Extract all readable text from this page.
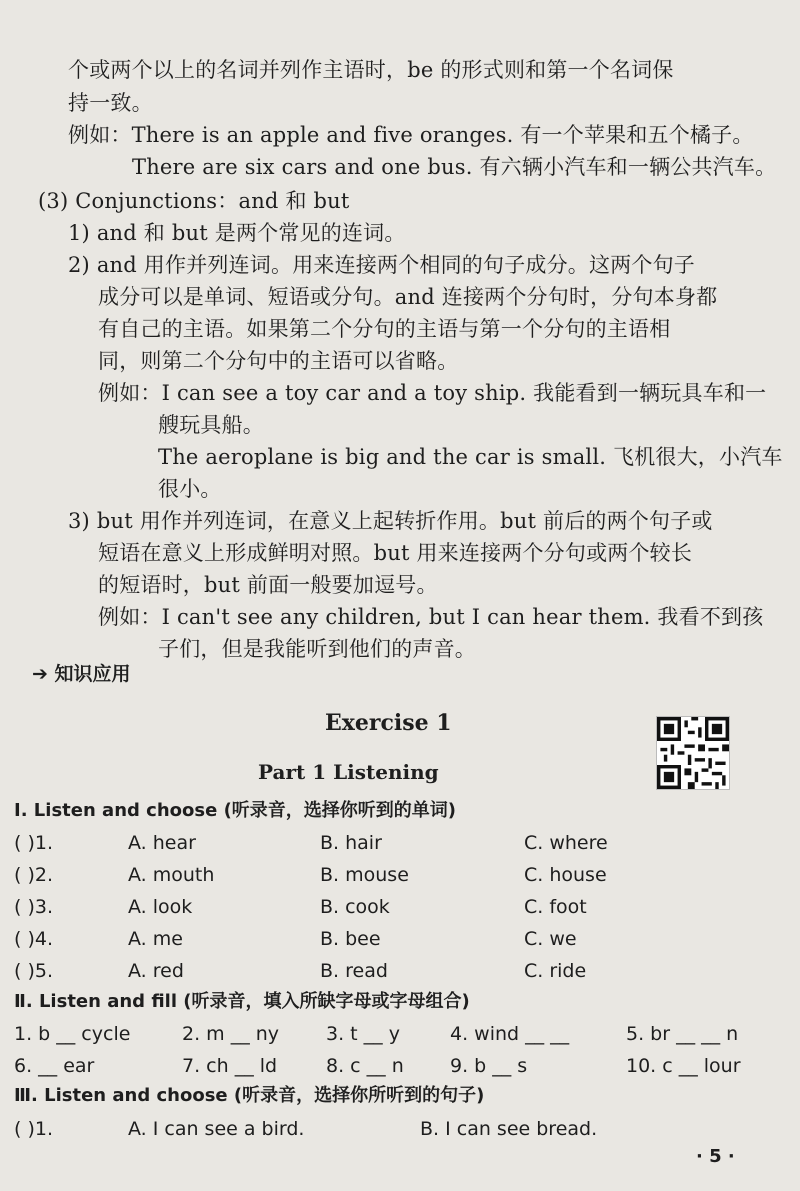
个或两个以上的名词并列作主语时，be 的形式则和第一个名词保
持一致。
例如：There is an apple and five oranges. 有一个苹果和五个橘子。
There are six cars and one bus. 有六辆小汽车和一辆公共汽车。
(3) Conjunctions：and 和 but
1) and 和 but 是两个常见的连词。
2) and 用作并列连词。用来连接两个相同的句子成分。这两个句子
成分可以是单词、短语或分句。and 连接两个分句时，分句本身都
有自己的主语。如果第二个分句的主语与第一个分句的主语相
同，则第二个分句中的主语可以省略。
例如：I can see a toy car and a toy ship. 我能看到一辆玩具车和一
艘玩具船。
The aeroplane is big and the car is small. 飞机很大，小汽车
很小。
3) but 用作并列连词，在意义上起转折作用。but 前后的两个句子或
短语在意义上形成鲜明对照。but 用来连接两个分句或两个较长
的短语时，but 前面一般要加逗号。
例如：I can't see any children, but I can hear them. 我看不到孩
子们，但是我能听到他们的声音。
➔ 知识应用
Exercise 1
Part 1 Listening
Ⅰ. Listen and choose (听录音，选择你听到的单词)
( )1.	A. hear	B. hair	C. where
( )2.	A. mouth	B. mouse	C. house
( )3.	A. look	B. cook	C. foot
( )4.	A. me	B. bee	C. we
( )5.	A. red	B. read	C. ride
Ⅱ. Listen and fill (听录音，填入所缺字母或字母组合)
1. b __ cycle	2. m __ ny 3. t __ y	4. wind __ __	5. br __ __ n
6. __ ear	7. ch __ ld	8. c __ n 9. b __ s	10. c __ lour
Ⅲ. Listen and choose (听录音，选择你所听到的句子)
( )1.	A. I can see a bird.	B. I can see bread.
· 5 ·
